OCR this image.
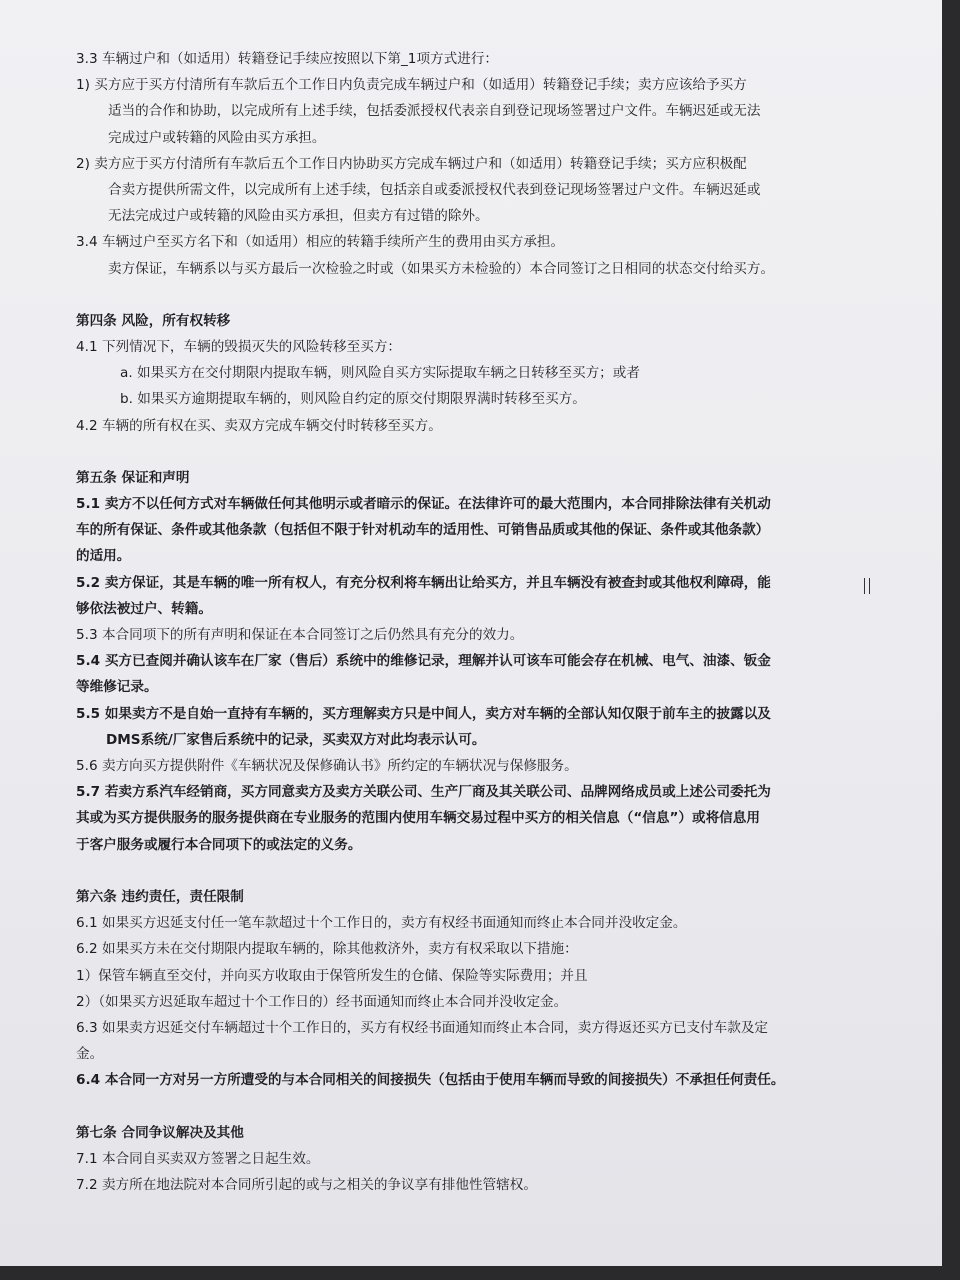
3.3 车辆过户和（如适用）转籍登记手续应按照以下第_1项方式进行：
1) 买方应于买方付清所有车款后五个工作日内负责完成车辆过户和（如适用）转籍登记手续；卖方应该给予买方
适当的合作和协助，以完成所有上述手续，包括委派授权代表亲自到登记现场签署过户文件。车辆迟延或无法
完成过户或转籍的风险由买方承担。
2) 卖方应于买方付清所有车款后五个工作日内协助买方完成车辆过户和（如适用）转籍登记手续；买方应积极配
合卖方提供所需文件，以完成所有上述手续，包括亲自或委派授权代表到登记现场签署过户文件。车辆迟延或
无法完成过户或转籍的风险由买方承担，但卖方有过错的除外。
3.4 车辆过户至买方名下和（如适用）相应的转籍手续所产生的费用由买方承担。
卖方保证，车辆系以与买方最后一次检验之时或（如果买方未检验的）本合同签订之日相同的状态交付给买方。
第四条 风险，所有权转移
4.1 下列情况下，车辆的毁损灭失的风险转移至买方：
a. 如果买方在交付期限内提取车辆，则风险自买方实际提取车辆之日转移至买方；或者
b. 如果买方逾期提取车辆的，则风险自约定的原交付期限界满时转移至买方。
4.2 车辆的所有权在买、卖双方完成车辆交付时转移至买方。
第五条 保证和声明
5.1 卖方不以任何方式对车辆做任何其他明示或者暗示的保证。在法律许可的最大范围内，本合同排除法律有关机动
车的所有保证、条件或其他条款（包括但不限于针对机动车的适用性、可销售品质或其他的保证、条件或其他条款）
的适用。
5.2 卖方保证，其是车辆的唯一所有权人，有充分权利将车辆出让给买方，并且车辆没有被查封或其他权利障碍，能
够依法被过户、转籍。
5.3 本合同项下的所有声明和保证在本合同签订之后仍然具有充分的效力。
5.4 买方已查阅并确认该车在厂家（售后）系统中的维修记录，理解并认可该车可能会存在机械、电气、油漆、钣金
等维修记录。
5.5 如果卖方不是自始一直持有车辆的，买方理解卖方只是中间人，卖方对车辆的全部认知仅限于前车主的披露以及
DMS系统/厂家售后系统中的记录，买卖双方对此均表示认可。
5.6 卖方向买方提供附件《车辆状况及保修确认书》所约定的车辆状况与保修服务。
5.7 若卖方系汽车经销商，买方同意卖方及卖方关联公司、生产厂商及其关联公司、品牌网络成员或上述公司委托为
其或为买方提供服务的服务提供商在专业服务的范围内使用车辆交易过程中买方的相关信息（“信息”）或将信息用
于客户服务或履行本合同项下的或法定的义务。
第六条 违约责任，责任限制
6.1 如果买方迟延支付任一笔车款超过十个工作日的，卖方有权经书面通知而终止本合同并没收定金。
6.2 如果买方未在交付期限内提取车辆的，除其他救济外，卖方有权采取以下措施：
1）保管车辆直至交付，并向买方收取由于保管所发生的仓储、保险等实际费用；并且
2）（如果买方迟延取车超过十个工作日的）经书面通知而终止本合同并没收定金。
6.3 如果卖方迟延交付车辆超过十个工作日的，买方有权经书面通知而终止本合同，卖方得返还买方已支付车款及定
金。
6.4 本合同一方对另一方所遭受的与本合同相关的间接损失（包括由于使用车辆而导致的间接损失）不承担任何责任。
第七条 合同争议解决及其他
7.1 本合同自买卖双方签署之日起生效。
7.2 卖方所在地法院对本合同所引起的或与之相关的争议享有排他性管辖权。
